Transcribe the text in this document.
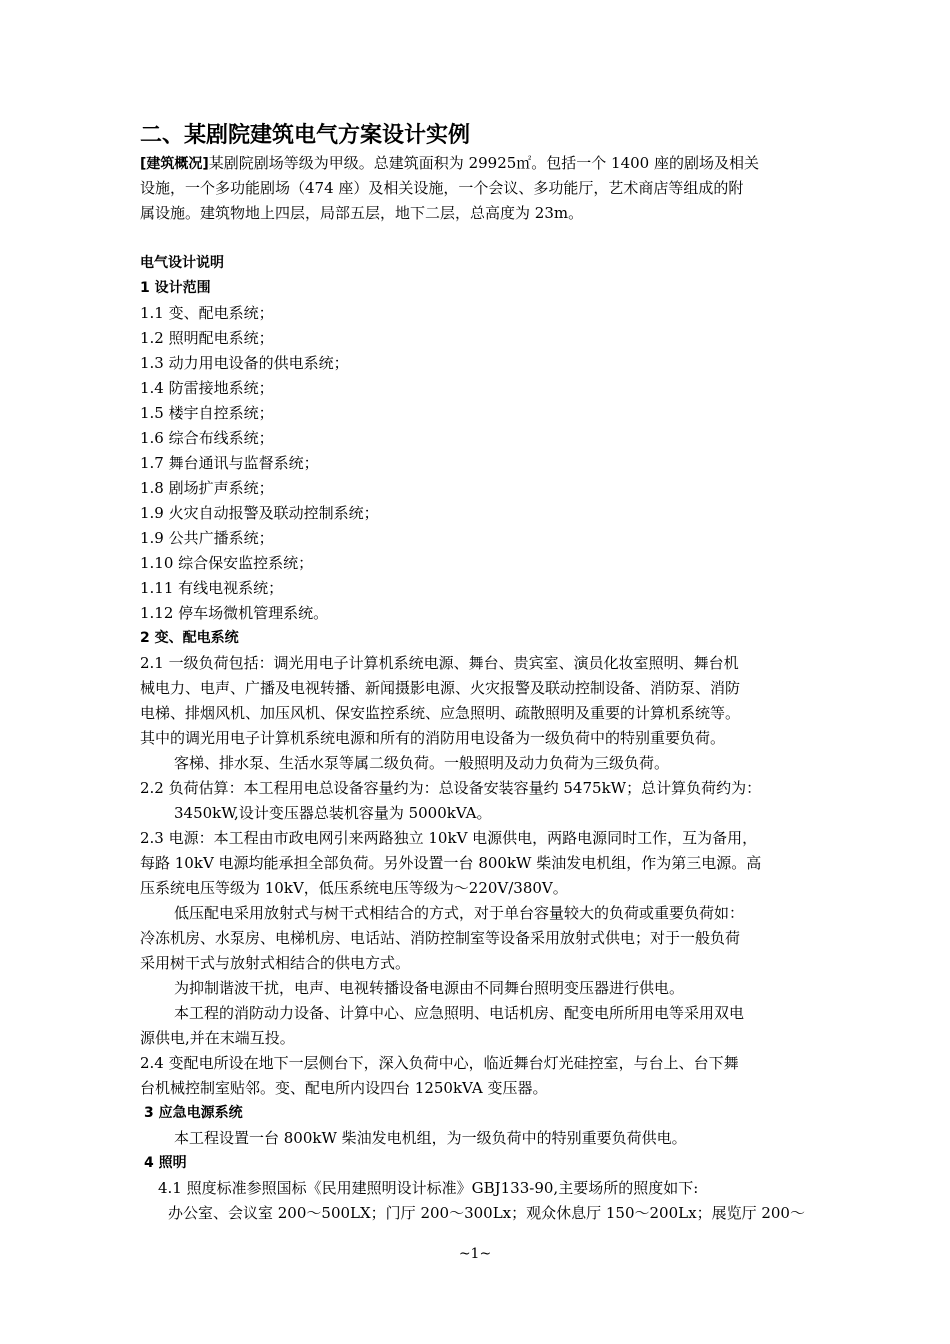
二、某剧院建筑电气方案设计实例
[建筑概况]某剧院剧场等级为甲级。总建筑面积为 29925㎡。包括一个 1400 座的剧场及相关
设施，一个多功能剧场（474 座）及相关设施，一个会议、多功能厅，艺术商店等组成的附
属设施。建筑物地上四层，局部五层，地下二层，总高度为 23m。
电气设计说明
1 设计范围
1.1 变、配电系统；
1.2 照明配电系统；
1.3 动力用电设备的供电系统；
1.4 防雷接地系统；
1.5 楼宇自控系统；
1.6 综合布线系统；
1.7 舞台通讯与监督系统；
1.8 剧场扩声系统；
1.9 火灾自动报警及联动控制系统；
1.9 公共广播系统；
1.10 综合保安监控系统；
1.11 有线电视系统；
1.12 停车场微机管理系统。
2 变、配电系统
2.1 一级负荷包括：调光用电子计算机系统电源、舞台、贵宾室、演员化妆室照明、舞台机
械电力、电声、广播及电视转播、新闻摄影电源、火灾报警及联动控制设备、消防泵、消防
电梯、排烟风机、加压风机、保安监控系统、应急照明、疏散照明及重要的计算机系统等。
其中的调光用电子计算机系统电源和所有的消防用电设备为一级负荷中的特别重要负荷。
客梯、排水泵、生活水泵等属二级负荷。一般照明及动力负荷为三级负荷。
2.2 负荷估算：本工程用电总设备容量约为：总设备安装容量约 5475kW；总计算负荷约为：
3450kW,设计变压器总装机容量为 5000kVA。
2.3 电源：本工程由市政电网引来两路独立 10kV 电源供电，两路电源同时工作，互为备用，
每路 10kV 电源均能承担全部负荷。另外设置一台 800kW 柴油发电机组，作为第三电源。高
压系统电压等级为 10kV，低压系统电压等级为～220V/380V。
低压配电采用放射式与树干式相结合的方式，对于单台容量较大的负荷或重要负荷如：
冷冻机房、水泵房、电梯机房、电话站、消防控制室等设备采用放射式供电；对于一般负荷
采用树干式与放射式相结合的供电方式。
为抑制谐波干扰，电声、电视转播设备电源由不同舞台照明变压器进行供电。
本工程的消防动力设备、计算中心、应急照明、电话机房、配变电所所用电等采用双电
源供电,并在末端互投。
2.4 变配电所设在地下一层侧台下，深入负荷中心，临近舞台灯光硅控室，与台上、台下舞
台机械控制室贴邻。变、配电所内设四台 1250kVA 变压器。
3 应急电源系统
本工程设置一台 800kW 柴油发电机组，为一级负荷中的特别重要负荷供电。
4 照明
4.1 照度标准参照国标《民用建照明设计标准》GBJ133-90,主要场所的照度如下:
办公室、会议室 200～500LX；门厅 200～300Lx；观众休息厅 150～200Lx；展览厅 200～
~1~
